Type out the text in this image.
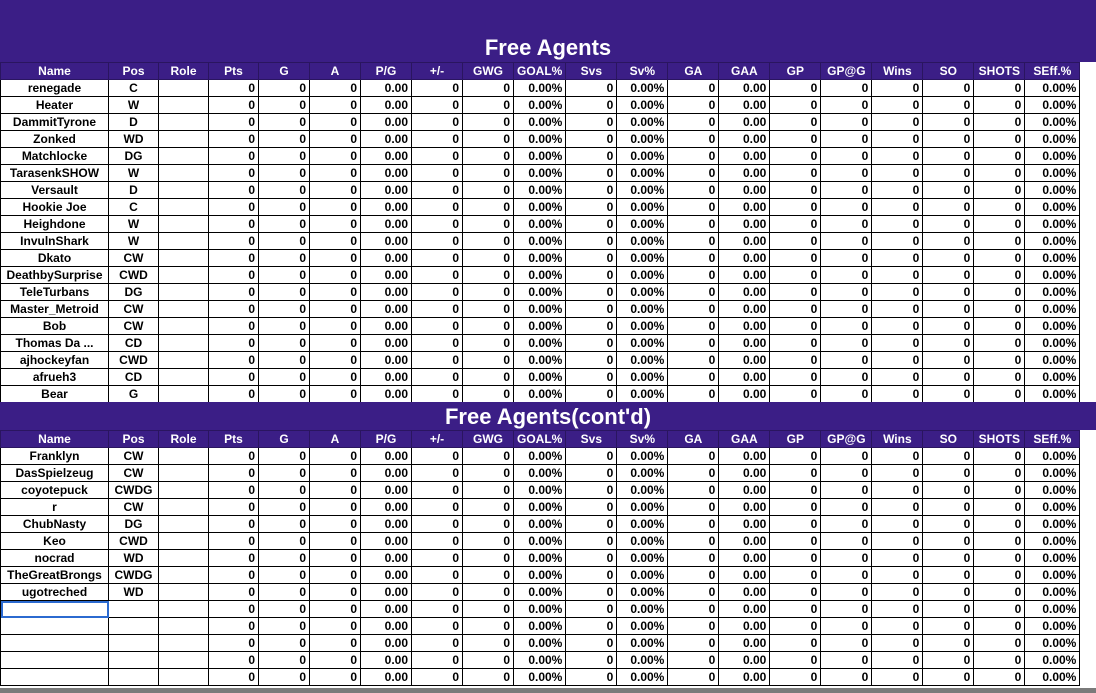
Free Agents
Name	Pos	Role	Pts	G	A	P/G	+/-	GWG	GOAL%	Svs	Sv%	GA	GAA	GP	GP@G	Wins	SO	SHOTS	SEff.%
renegade	C		0	0	0	0.00	0	0	0.00%	0	0.00%	0	0.00	0	0	0	0	0	0.00%
Heater	W		0	0	0	0.00	0	0	0.00%	0	0.00%	0	0.00	0	0	0	0	0	0.00%
DammitTyrone	D		0	0	0	0.00	0	0	0.00%	0	0.00%	0	0.00	0	0	0	0	0	0.00%
Zonked	WD		0	0	0	0.00	0	0	0.00%	0	0.00%	0	0.00	0	0	0	0	0	0.00%
Matchlocke	DG		0	0	0	0.00	0	0	0.00%	0	0.00%	0	0.00	0	0	0	0	0	0.00%
TarasenkSHOW	W		0	0	0	0.00	0	0	0.00%	0	0.00%	0	0.00	0	0	0	0	0	0.00%
Versault	D		0	0	0	0.00	0	0	0.00%	0	0.00%	0	0.00	0	0	0	0	0	0.00%
Hookie Joe	C		0	0	0	0.00	0	0	0.00%	0	0.00%	0	0.00	0	0	0	0	0	0.00%
Heighdone	W		0	0	0	0.00	0	0	0.00%	0	0.00%	0	0.00	0	0	0	0	0	0.00%
InvulnShark	W		0	0	0	0.00	0	0	0.00%	0	0.00%	0	0.00	0	0	0	0	0	0.00%
Dkato	CW		0	0	0	0.00	0	0	0.00%	0	0.00%	0	0.00	0	0	0	0	0	0.00%
DeathbySurprise	CWD		0	0	0	0.00	0	0	0.00%	0	0.00%	0	0.00	0	0	0	0	0	0.00%
TeleTurbans	DG		0	0	0	0.00	0	0	0.00%	0	0.00%	0	0.00	0	0	0	0	0	0.00%
Master_Metroid	CW		0	0	0	0.00	0	0	0.00%	0	0.00%	0	0.00	0	0	0	0	0	0.00%
Bob	CW		0	0	0	0.00	0	0	0.00%	0	0.00%	0	0.00	0	0	0	0	0	0.00%
Thomas Da ...	CD		0	0	0	0.00	0	0	0.00%	0	0.00%	0	0.00	0	0	0	0	0	0.00%
ajhockeyfan	CWD		0	0	0	0.00	0	0	0.00%	0	0.00%	0	0.00	0	0	0	0	0	0.00%
afrueh3	CD		0	0	0	0.00	0	0	0.00%	0	0.00%	0	0.00	0	0	0	0	0	0.00%
Bear	G		0	0	0	0.00	0	0	0.00%	0	0.00%	0	0.00	0	0	0	0	0	0.00%
Free Agents(cont'd)
Name	Pos	Role	Pts	G	A	P/G	+/-	GWG	GOAL%	Svs	Sv%	GA	GAA	GP	GP@G	Wins	SO	SHOTS	SEff.%
Franklyn	CW		0	0	0	0.00	0	0	0.00%	0	0.00%	0	0.00	0	0	0	0	0	0.00%
DasSpielzeug	CW		0	0	0	0.00	0	0	0.00%	0	0.00%	0	0.00	0	0	0	0	0	0.00%
coyotepuck	CWDG		0	0	0	0.00	0	0	0.00%	0	0.00%	0	0.00	0	0	0	0	0	0.00%
r	CW		0	0	0	0.00	0	0	0.00%	0	0.00%	0	0.00	0	0	0	0	0	0.00%
ChubNasty	DG		0	0	0	0.00	0	0	0.00%	0	0.00%	0	0.00	0	0	0	0	0	0.00%
Keo	CWD		0	0	0	0.00	0	0	0.00%	0	0.00%	0	0.00	0	0	0	0	0	0.00%
nocrad	WD		0	0	0	0.00	0	0	0.00%	0	0.00%	0	0.00	0	0	0	0	0	0.00%
TheGreatBrongs	CWDG		0	0	0	0.00	0	0	0.00%	0	0.00%	0	0.00	0	0	0	0	0	0.00%
ugotreched	WD		0	0	0	0.00	0	0	0.00%	0	0.00%	0	0.00	0	0	0	0	0	0.00%
			0	0	0	0.00	0	0	0.00%	0	0.00%	0	0.00	0	0	0	0	0	0.00%
			0	0	0	0.00	0	0	0.00%	0	0.00%	0	0.00	0	0	0	0	0	0.00%
			0	0	0	0.00	0	0	0.00%	0	0.00%	0	0.00	0	0	0	0	0	0.00%
			0	0	0	0.00	0	0	0.00%	0	0.00%	0	0.00	0	0	0	0	0	0.00%
			0	0	0	0.00	0	0	0.00%	0	0.00%	0	0.00	0	0	0	0	0	0.00%
